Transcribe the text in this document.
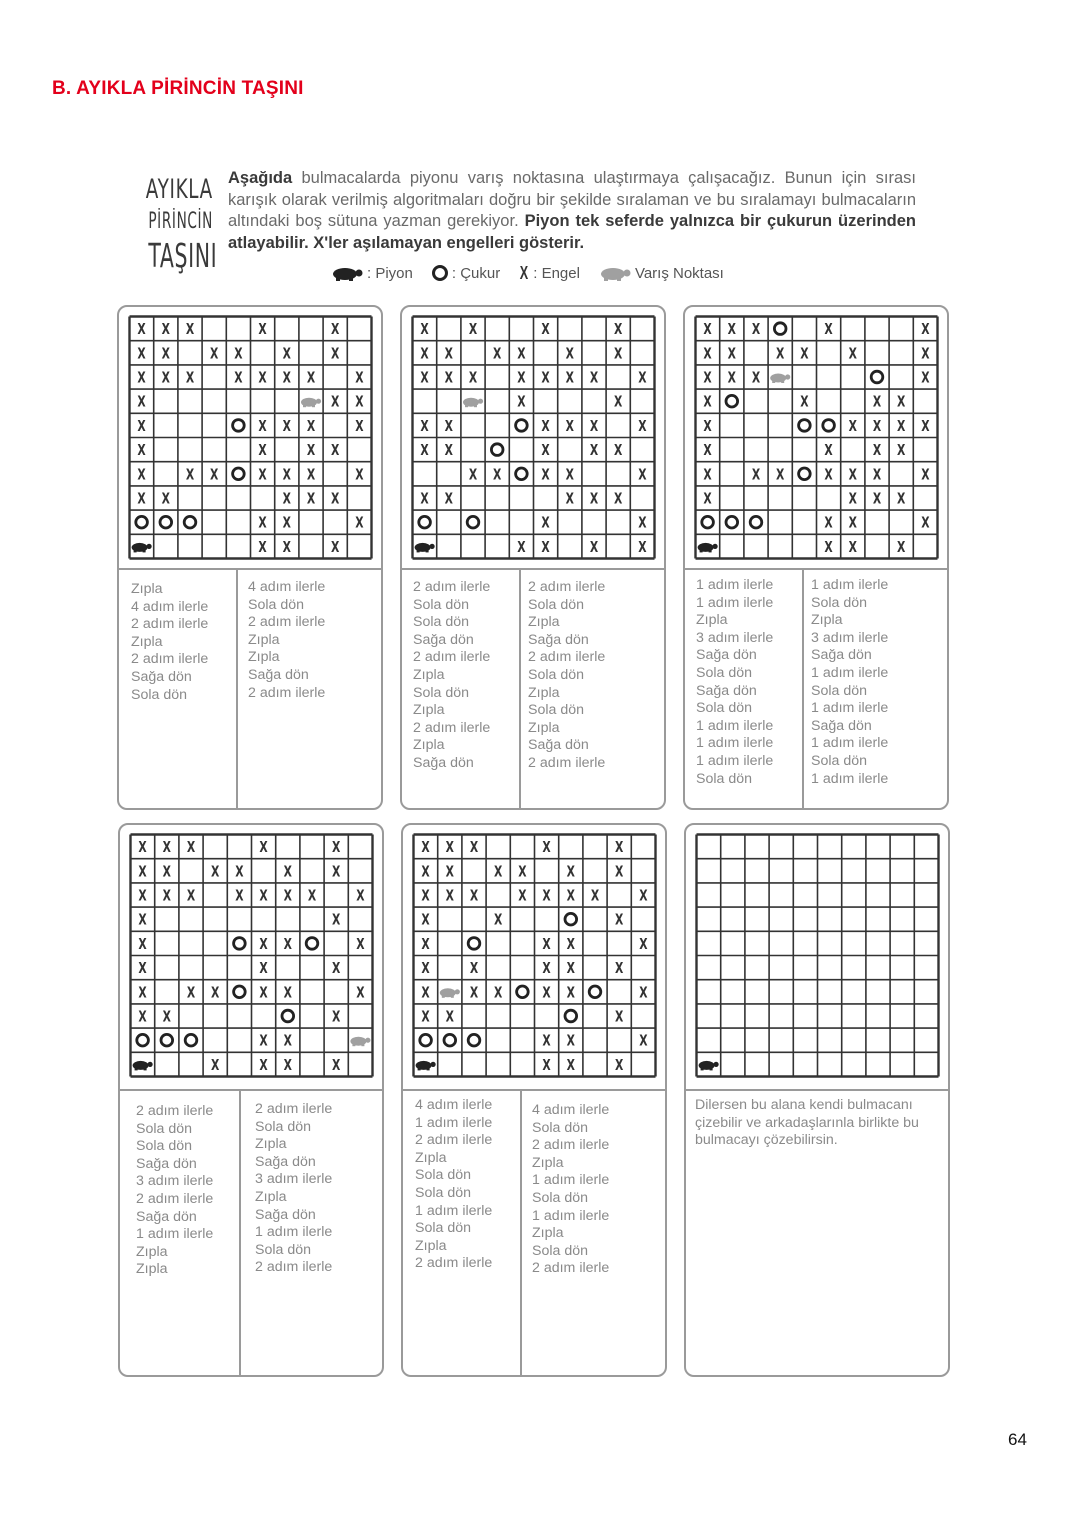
B. AYIKLA PİRİNCİN TAŞINI
AYIKLA
PİRİNCİN
TAŞINI
Aşağıda bulmacalarda piyonu varış noktasına ulaştırmaya çalışacağız. Bunun için sırası karışık olarak verilmiş algoritmaları doğru bir şekilde sıralaman ve bu sıralamayı bulmacaların altındaki boş sütuna yazman gerekiyor. Piyon tek seferde yalnızca bir çukurun üzerinden atlayabilir. X'ler aşılamayan engelleri gösterir.
: Piyon	: Çukur X : Engel	Varış Noktası
X X X	X	X
X X	X X	X	X
X X X	X X X X	X
X	X X
X	X X X	X
X	X	X X
X	X X	X X X	X
X X	X X X
X X	X
X X	X
Zıpla
4 adım ilerle
2 adım ilerle
Zıpla
2 adım ilerle
Sağa dön
Sola dön
4 adım ilerle
Sola dön
2 adım ilerle
Zıpla
Zıpla
Sağa dön
2 adım ilerle
X	X	X	X
X X	X X	X	X
X X X	X X X X	X
X	X
X X	X X X	X
X X	X	X X
X X	X X	X
X X	X X X
X	X
X X	X	X
2 adım ilerle
Sola dön
Sola dön
Sağa dön
2 adım ilerle
Zıpla
Sola dön
Zıpla
2 adım ilerle
Zıpla
Sağa dön
2 adım ilerle
Sola dön
Zıpla
Sağa dön
2 adım ilerle
Sola dön
Zıpla
Sola dön
Zıpla
Sağa dön
2 adım ilerle
X X X	X	X
X X	X X	X	X
X X X	X
X	X	X X
X	X X X X
X	X	X X
X	X X	X X X	X
X	X X X
X X	X
X X	X
1 adım ilerle
1 adım ilerle
Zıpla
3 adım ilerle
Sağa dön
Sola dön
Sağa dön
Sola dön
1 adım ilerle
1 adım ilerle
1 adım ilerle
Sola dön
1 adım ilerle
Sola dön
Zıpla
3 adım ilerle
Sağa dön
1 adım ilerle
Sola dön
1 adım ilerle
Sağa dön
1 adım ilerle
Sola dön
1 adım ilerle
X X X	X	X
X X	X X	X	X
X X X	X X X X	X
X	X
X	X X	X
X	X	X
X	X X	X X	X
X X	X
X X
X	X X	X
2 adım ilerle
Sola dön
Sola dön
Sağa dön
3 adım ilerle
2 adım ilerle
Sağa dön
1 adım ilerle
Zıpla
Zıpla
2 adım ilerle
Sola dön
Zıpla
Sağa dön
3 adım ilerle
Zıpla
Sağa dön
1 adım ilerle
Sola dön
2 adım ilerle
X X X	X	X
X X	X X	X	X
X X X	X X X X	X
X	X	X
X	X X	X
X	X	X X	X
X	X X	X X	X
X X	X
X X	X
X X	X
4 adım ilerle
1 adım ilerle
2 adım ilerle
Zıpla
Sola dön
Sola dön
1 adım ilerle
Sola dön
Zıpla
2 adım ilerle
4 adım ilerle
Sola dön
2 adım ilerle
Zıpla
1 adım ilerle
Sola dön
1 adım ilerle
Zıpla
Sola dön
2 adım ilerle
Dilersen bu alana kendi bulmacanı çizebilir ve arkadaşlarınla birlikte bu bulmacayı çözebilirsin.
64
